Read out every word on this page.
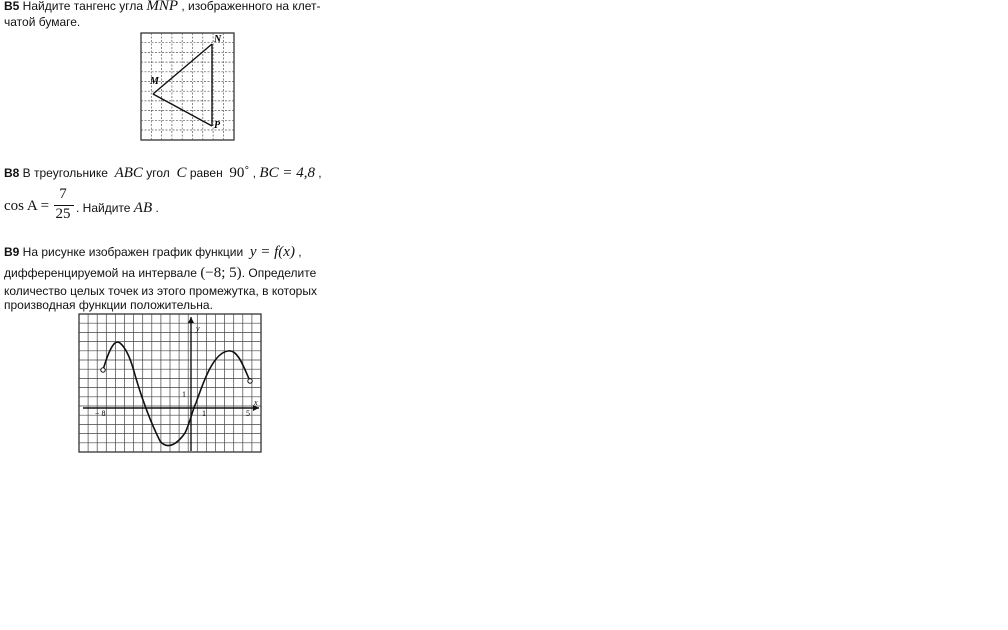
B5 Найдите тангенс угла MNP , изображенного на клет-
чатой бумаге.
M
N
P
B8 В треугольнике  ABC угол  C равен  90˚ , BC = 4,8 ,
cos A =
7
25 . Найдите AB .
B9 На рисунке изображен график функции  y = f(x) ,
дифференцируемой на интервале (−8; 5). Определите
количество целых точек из этого промежутка, в которых
производная функции положительна.
y
x
1
1
− 8	5
